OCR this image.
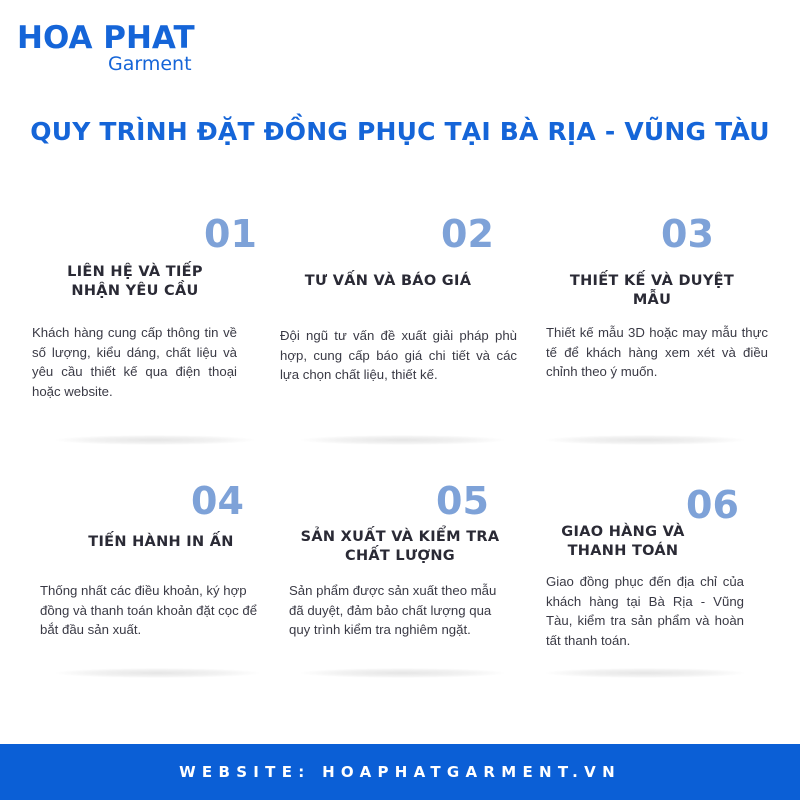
HOA PHAT
Garment
QUY TRÌNH ĐẶT ĐỒNG PHỤC TẠI BÀ RỊA - VŨNG TÀU
01
LIÊN HỆ VÀ TIẾP NHẬN YÊU CẦU
Khách hàng cung cấp thông tin về số lượng, kiểu dáng, chất liệu và yêu cầu thiết kế qua điện thoại hoặc website.
02
TƯ VẤN VÀ BÁO GIÁ
Đội ngũ tư vấn đề xuất giải pháp phù hợp, cung cấp báo giá chi tiết và các lựa chọn chất liệu, thiết kế.
03
THIẾT KẾ VÀ DUYỆT MẪU
Thiết kế mẫu 3D hoặc may mẫu thực tế để khách hàng xem xét và điều chỉnh theo ý muốn.
04
TIẾN HÀNH IN ẤN
Thống nhất các điều khoản, ký hợp đồng và thanh toán khoản đặt cọc để bắt đầu sản xuất.
05
SẢN XUẤT VÀ KIỂM TRA CHẤT LƯỢNG
Sản phẩm được sản xuất theo mẫu đã duyệt, đảm bảo chất lượng qua quy trình kiểm tra nghiêm ngặt.
06
GIAO HÀNG VÀ THANH TOÁN
Giao đồng phục đến địa chỉ của khách hàng tại Bà Rịa - Vũng Tàu, kiểm tra sản phẩm và hoàn tất thanh toán.
WEBSITE: HOAPHATGARMENT.VN
